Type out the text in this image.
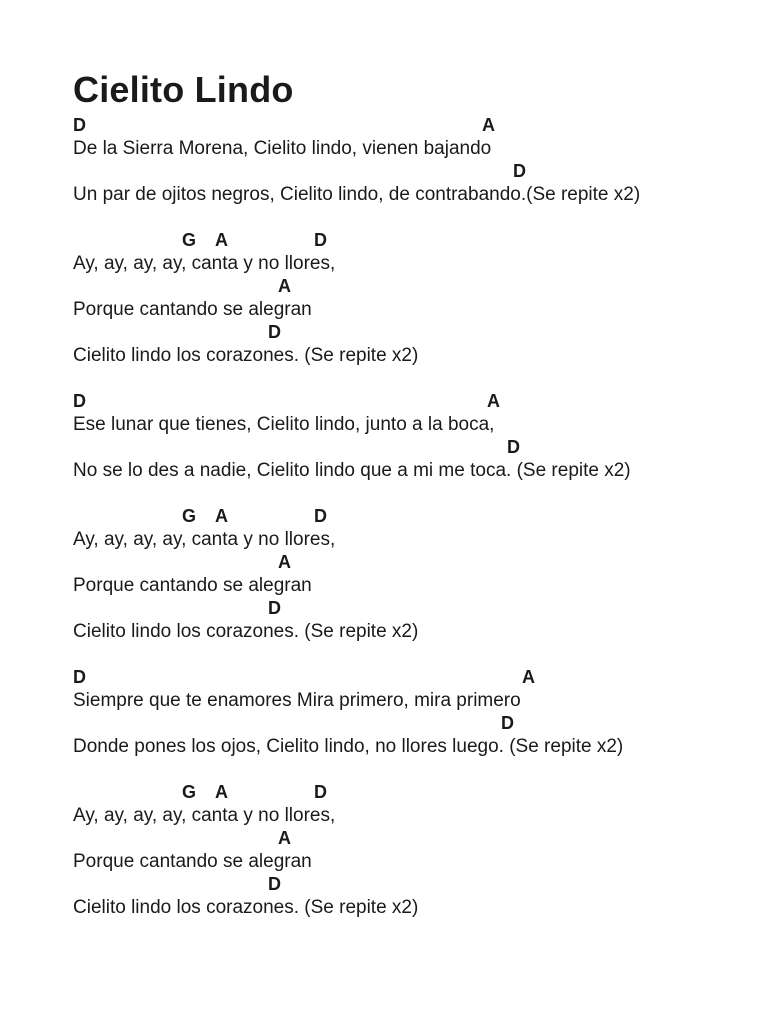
Cielito Lindo
D	A
De la Sierra Morena, Cielito lindo, vienen bajando
D
Un par de ojitos negros, Cielito lindo, de contrabando.(Se repite x2)
G A	D
Ay, ay, ay, ay, canta y no llores,
A
Porque cantando se alegran
D
Cielito lindo los corazones. (Se repite x2)
D	A
Ese lunar que tienes, Cielito lindo, junto a la boca,
D
No se lo des a nadie, Cielito lindo que a mi me toca. (Se repite x2)
G A	D
Ay, ay, ay, ay, canta y no llores,
A
Porque cantando se alegran
D
Cielito lindo los corazones. (Se repite x2)
D	A
Siempre que te enamores Mira primero, mira primero
D
Donde pones los ojos, Cielito lindo, no llores luego. (Se repite x2)
G A	D
Ay, ay, ay, ay, canta y no llores,
A
Porque cantando se alegran
D
Cielito lindo los corazones. (Se repite x2)
